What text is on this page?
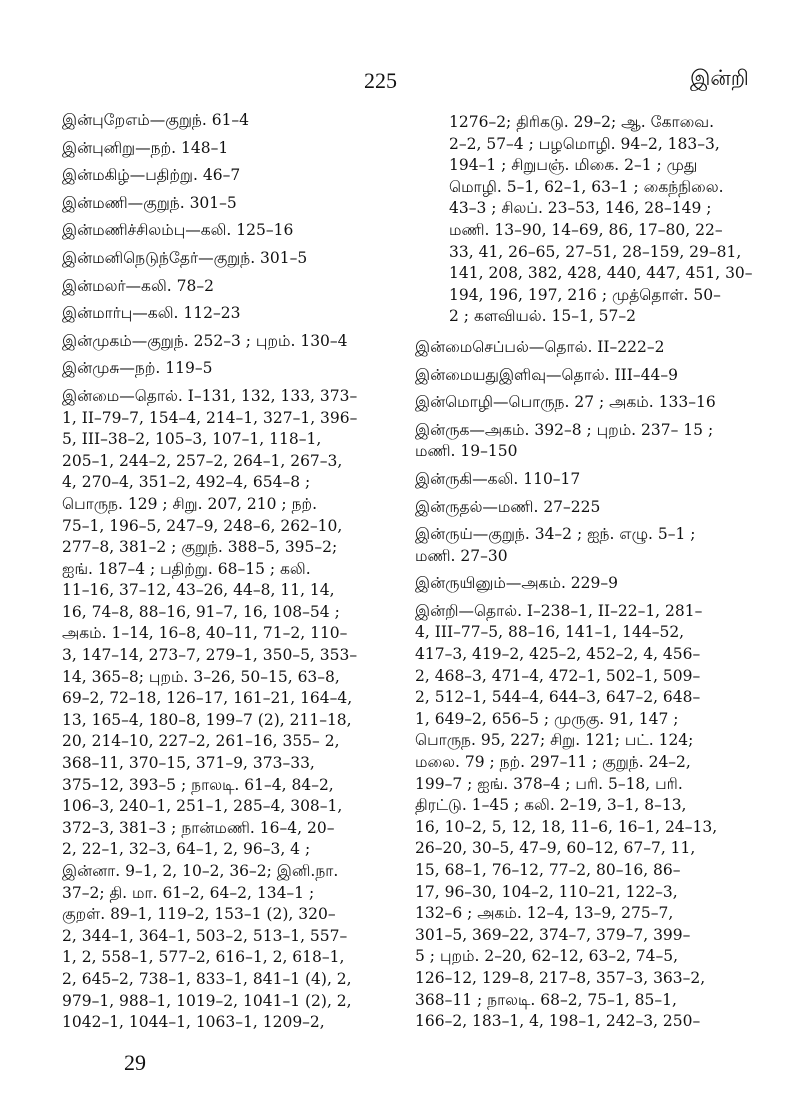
225	இன்றி
இன்புறேஎம்—குறுந். 61–4
இன்புனிறு—நற். 148–1
இன்மகிழ்—பதிற்று. 46–7
இன்மணி—குறுந். 301–5
இன்மணிச்சிலம்பு—கலி. 125–16
இன்மனிநெடுந்தேர்—குறுந். 301–5
இன்மலர்—கலி. 78–2
இன்மார்பு—கலி. 112–23
இன்முகம்—குறுந். 252–3 ; புறம். 130–4
இன்முசு—நற். 119–5
இன்மை—தொல். I–131, 132, 133, 373–
1, II–79–7, 154–4, 214–1, 327–1, 396–
5, III–38–2, 105–3, 107–1, 118–1,
205–1, 244–2, 257–2, 264–1, 267–3,
4, 270–4, 351–2, 492–4, 654–8 ;
பொருந. 129 ; சிறு. 207, 210 ; நற்.
75–1, 196–5, 247–9, 248–6, 262–10,
277–8, 381–2 ; குறுந். 388–5, 395–2;
ஐங். 187–4 ; பதிற்று. 68–15 ; கலி.
11–16, 37–12, 43–26, 44–8, 11, 14,
16, 74–8, 88–16, 91–7, 16, 108–54 ;
அகம். 1–14, 16–8, 40–11, 71–2, 110–
3, 147–14, 273–7, 279–1, 350–5, 353–
14, 365–8; புறம். 3–26, 50–15, 63–8,
69–2, 72–18, 126–17, 161–21, 164–4,
13, 165–4, 180–8, 199–7 (2), 211–18,
20, 214–10, 227–2, 261–16, 355– 2,
368–11, 370–15, 371–9, 373–33,
375–12, 393–5 ; நாலடி. 61–4, 84–2,
106–3, 240–1, 251–1, 285–4, 308–1,
372–3, 381–3 ; நான்மணி. 16–4, 20–
2, 22–1, 32–3, 64–1, 2, 96–3, 4 ;
இன்னா. 9–1, 2, 10–2, 36–2; இனி.நா.
37–2; தி. மா. 61–2, 64–2, 134–1 ;
குறள். 89–1, 119–2, 153–1 (2), 320–
2, 344–1, 364–1, 503–2, 513–1, 557–
1, 2, 558–1, 577–2, 616–1, 2, 618–1,
2, 645–2, 738–1, 833–1, 841–1 (4), 2,
979–1, 988–1, 1019–2, 1041–1 (2), 2,
1042–1, 1044–1, 1063–1, 1209–2,
1276–2; திரிகடு. 29–2; ஆ. கோவை.
2–2, 57–4 ; பழமொழி. 94–2, 183–3,
194–1 ; சிறுபஞ். மிகை. 2–1 ; முது
மொழி. 5–1, 62–1, 63–1 ; கைந்நிலை.
43–3 ; சிலப். 23–53, 146, 28–149 ;
மணி. 13–90, 14–69, 86, 17–80, 22–
33, 41, 26–65, 27–51, 28–159, 29–81,
141, 208, 382, 428, 440, 447, 451, 30–
194, 196, 197, 216 ; முத்தொள். 50–
2 ; களவியல். 15–1, 57–2
இன்மைசெப்பல்—தொல். II–222–2
இன்மையதுஇளிவு—தொல். III–44–9
இன்மொழி—பொருந. 27 ; அகம். 133–16
இன்ருக—அகம். 392–8 ; புறம். 237– 15 ;
மணி. 19–150
இன்ருகி—கலி. 110–17
இன்ருதல்—மணி. 27–225
இன்ருய்—குறுந். 34–2 ; ஐந். எழு. 5–1 ;
மணி. 27–30
இன்ருயினும்—அகம். 229–9
இன்றி—தொல். I–238–1, II–22–1, 281–
4, III–77–5, 88–16, 141–1, 144–52,
417–3, 419–2, 425–2, 452–2, 4, 456–
2, 468–3, 471–4, 472–1, 502–1, 509–
2, 512–1, 544–4, 644–3, 647–2, 648–
1, 649–2, 656–5 ; முருகு. 91, 147 ;
பொருந. 95, 227; சிறு. 121; பட். 124;
மலை. 79 ; நற். 297–11 ; குறுந். 24–2,
199–7 ; ஐங். 378–4 ; பரி. 5–18, பரி.
திரட்டு. 1–45 ; கலி. 2–19, 3–1, 8–13,
16, 10–2, 5, 12, 18, 11–6, 16–1, 24–13,
26–20, 30–5, 47–9, 60–12, 67–7, 11,
15, 68–1, 76–12, 77–2, 80–16, 86–
17, 96–30, 104–2, 110–21, 122–3,
132–6 ; அகம். 12–4, 13–9, 275–7,
301–5, 369–22, 374–7, 379–7, 399–
5 ; புறம். 2–20, 62–12, 63–2, 74–5,
126–12, 129–8, 217–8, 357–3, 363–2,
368–11 ; நாலடி. 68–2, 75–1, 85–1,
166–2, 183–1, 4, 198–1, 242–3, 250–
29
